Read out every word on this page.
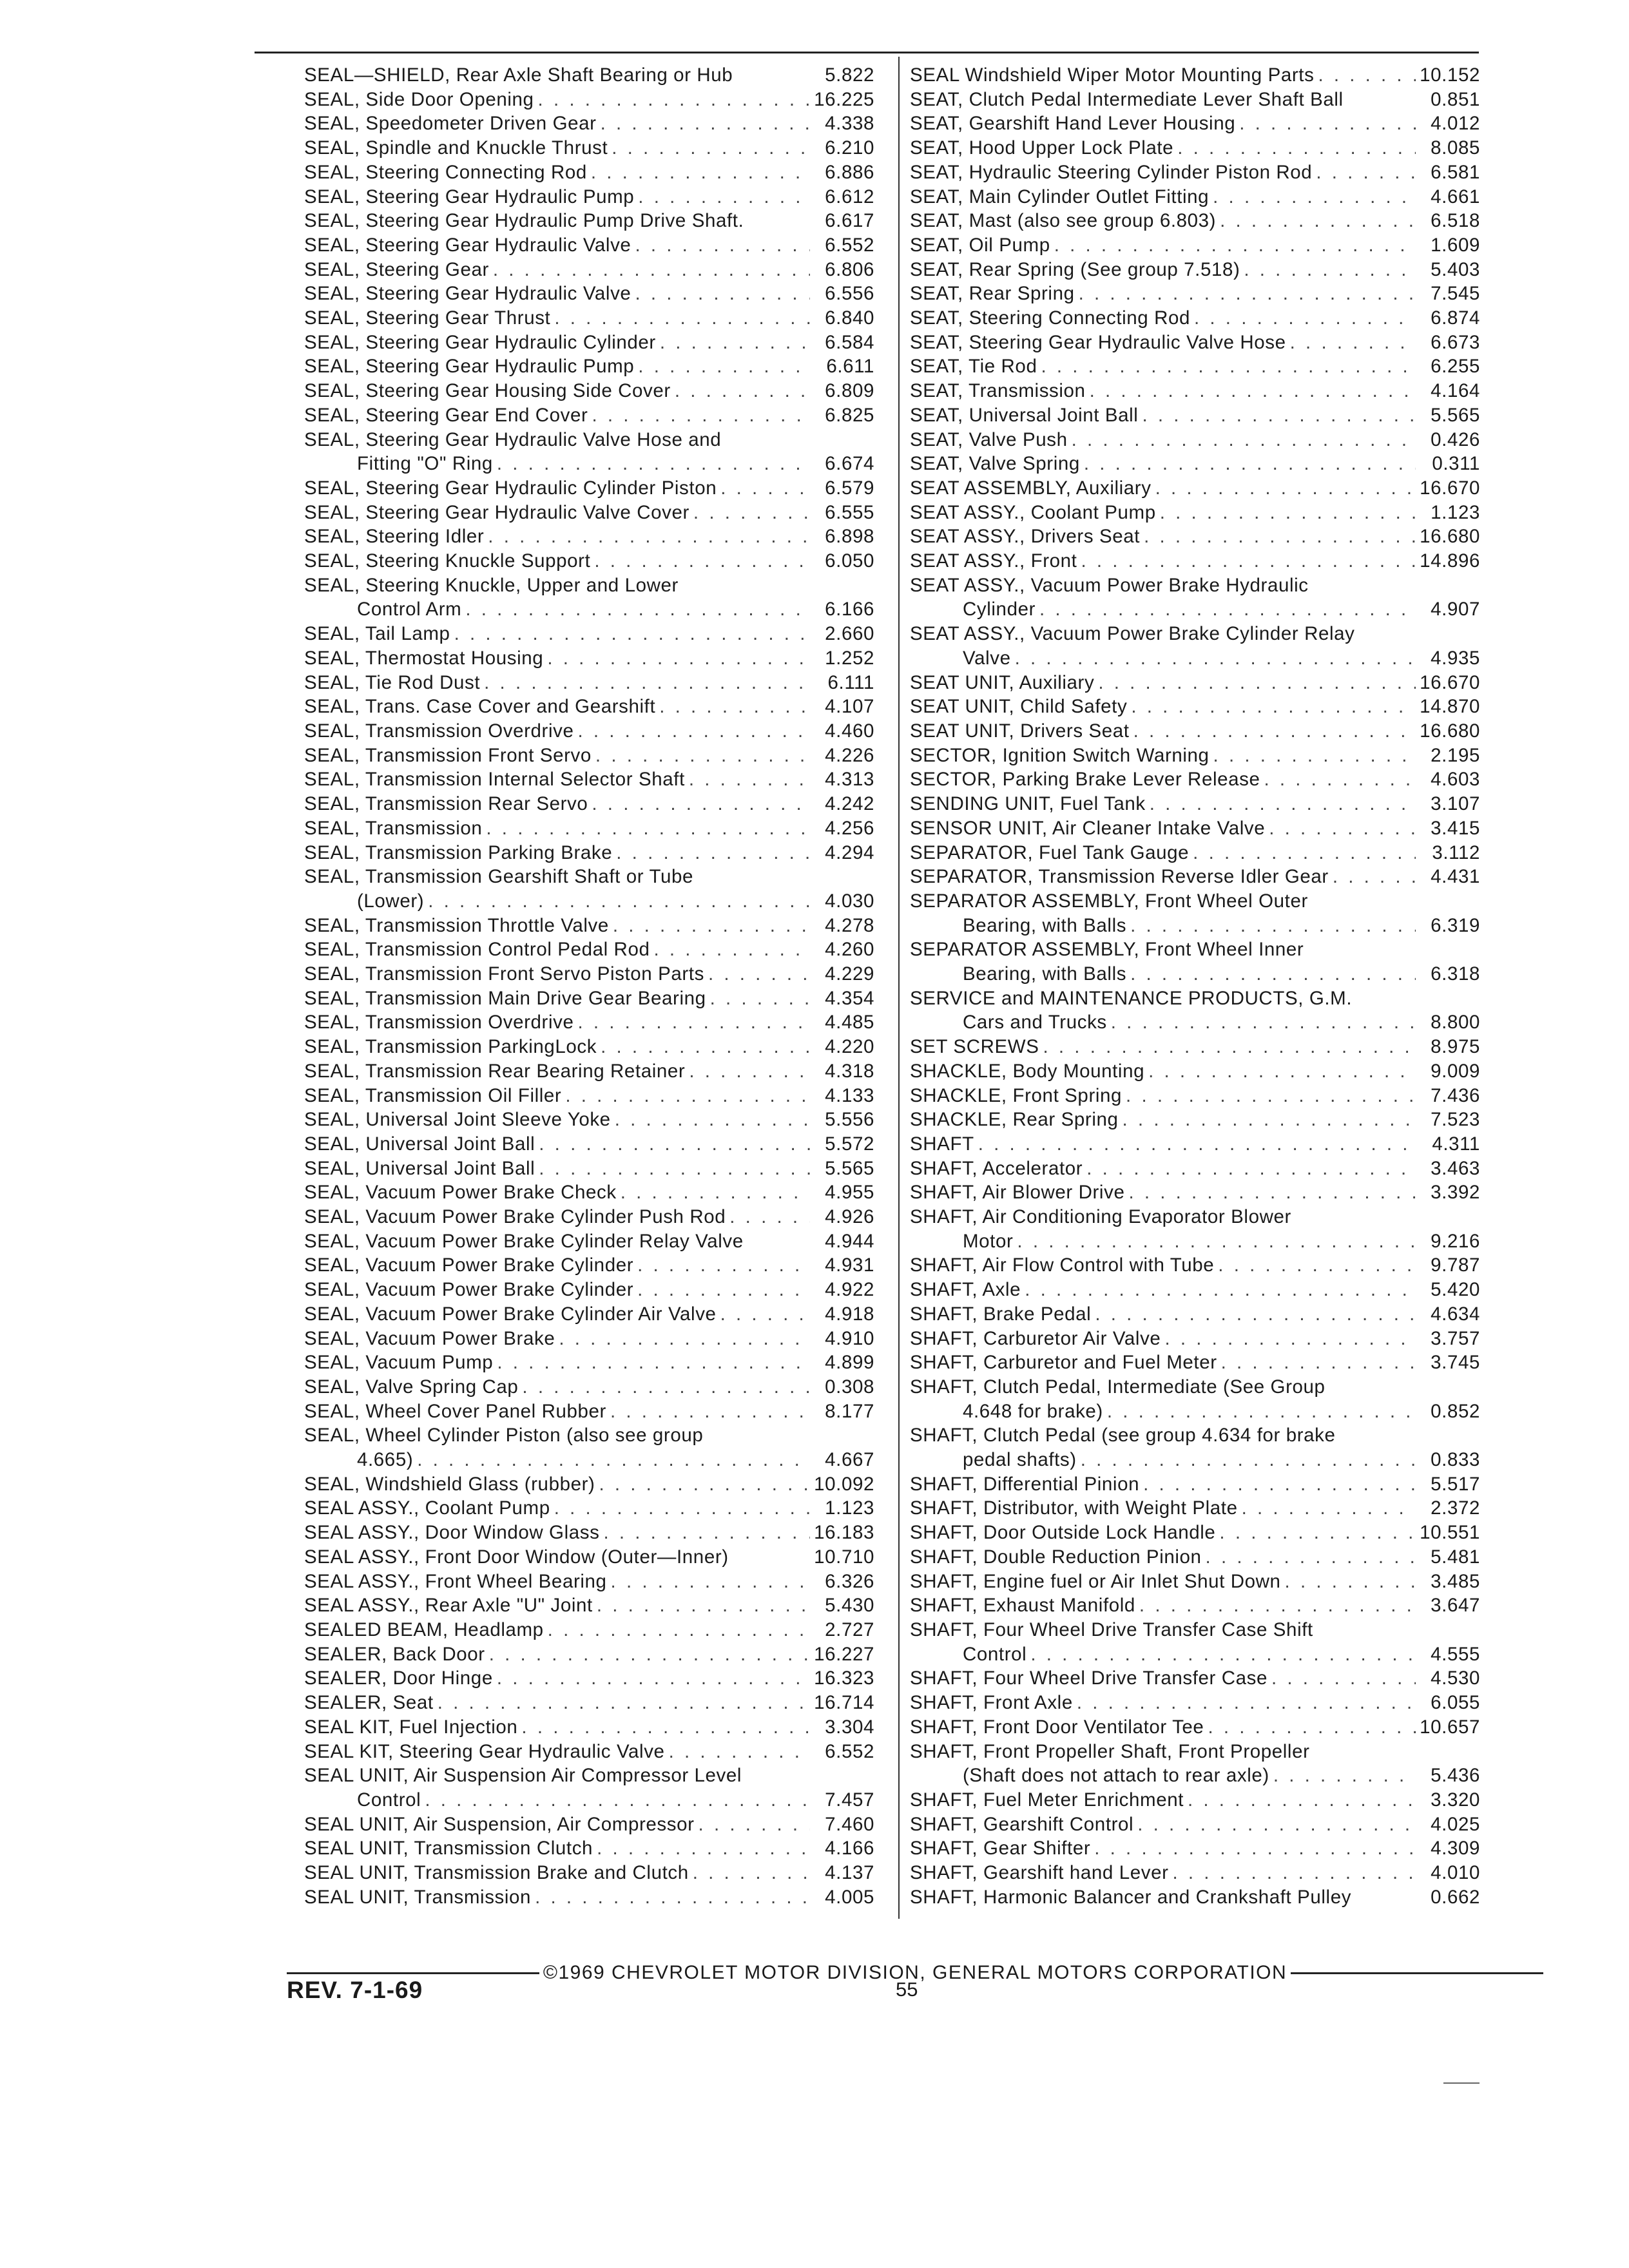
SEAL—SHIELD, Rear Axle Shaft Bearing or Hub	5.822
SEAL, Side Door Opening . . .	16.225
SEAL, Speedometer Driven Gear . . .	4.338
SEAL, Spindle and Knuckle Thrust . . .	6.210
SEAL, Steering Connecting Rod . . .	6.886
SEAL, Steering Gear Hydraulic Pump . . .	6.612
SEAL, Steering Gear Hydraulic Pump Drive Shaft.	6.617
SEAL, Steering Gear Hydraulic Valve . . .	6.552
SEAL, Steering Gear . . .	6.806
SEAL, Steering Gear Hydraulic Valve . . .	6.556
SEAL, Steering Gear Thrust . . .	6.840
SEAL, Steering Gear Hydraulic Cylinder . . .	6.584
SEAL, Steering Gear Hydraulic Pump . . .	6.611
SEAL, Steering Gear Housing Side Cover . . .	6.809
SEAL, Steering Gear End Cover . . .	6.825
SEAL, Steering Gear Hydraulic Valve Hose and
Fitting "O" Ring . . .	6.674
SEAL, Steering Gear Hydraulic Cylinder Piston . . .	6.579
SEAL, Steering Gear Hydraulic Valve Cover . . .	6.555
SEAL, Steering Idler . . .	6.898
SEAL, Steering Knuckle Support . . .	6.050
SEAL, Steering Knuckle, Upper and Lower
Control Arm . . .	6.166
SEAL, Tail Lamp . . .	2.660
SEAL, Thermostat Housing . . .	1.252
SEAL, Tie Rod Dust . . .	6.111
SEAL, Trans. Case Cover and Gearshift . . .	4.107
SEAL, Transmission Overdrive . . .	4.460
SEAL, Transmission Front Servo . . .	4.226
SEAL, Transmission Internal Selector Shaft . . .	4.313
SEAL, Transmission Rear Servo . . .	4.242
SEAL, Transmission . . .	4.256
SEAL, Transmission Parking Brake . . .	4.294
SEAL, Transmission Gearshift Shaft or Tube
(Lower) . . .	4.030
SEAL, Transmission Throttle Valve . . .	4.278
SEAL, Transmission Control Pedal Rod . . .	4.260
SEAL, Transmission Front Servo Piston Parts . . .	4.229
SEAL, Transmission Main Drive Gear Bearing . . .	4.354
SEAL, Transmission Overdrive . . .	4.485
SEAL, Transmission ParkingLock . . .	4.220
SEAL, Transmission Rear Bearing Retainer . . .	4.318
SEAL, Transmission Oil Filler . . .	4.133
SEAL, Universal Joint Sleeve Yoke . . .	5.556
SEAL, Universal Joint Ball . . .	5.572
SEAL, Universal Joint Ball . . .	5.565
SEAL, Vacuum Power Brake Check . . .	4.955
SEAL, Vacuum Power Brake Cylinder Push Rod . . .	4.926
SEAL, Vacuum Power Brake Cylinder Relay Valve	4.944
SEAL, Vacuum Power Brake Cylinder . . .	4.931
SEAL, Vacuum Power Brake Cylinder . . .	4.922
SEAL, Vacuum Power Brake Cylinder Air Valve . . .	4.918
SEAL, Vacuum Power Brake . . .	4.910
SEAL, Vacuum Pump . . .	4.899
SEAL, Valve Spring Cap . . .	0.308
SEAL, Wheel Cover Panel Rubber . . .	8.177
SEAL, Wheel Cylinder Piston (also see group
4.665) . . .	4.667
SEAL, Windshield Glass (rubber) . . .	10.092
SEAL ASSY., Coolant Pump . . .	1.123
SEAL ASSY., Door Window Glass . . .	16.183
SEAL ASSY., Front Door Window (Outer—Inner)	10.710
SEAL ASSY., Front Wheel Bearing . . .	6.326
SEAL ASSY., Rear Axle "U" Joint . . .	5.430
SEALED BEAM, Headlamp . . .	2.727
SEALER, Back Door . . .	16.227
SEALER, Door Hinge . . .	16.323
SEALER, Seat . . .	16.714
SEAL KIT, Fuel Injection . . .	3.304
SEAL KIT, Steering Gear Hydraulic Valve . . .	6.552
SEAL UNIT, Air Suspension Air Compressor Level
Control . . .	7.457
SEAL UNIT, Air Suspension, Air Compressor . . .	7.460
SEAL UNIT, Transmission Clutch . . .	4.166
SEAL UNIT, Transmission Brake and Clutch . . .	4.137
SEAL UNIT, Transmission . . .	4.005
SEAL Windshield Wiper Motor Mounting Parts . . .	10.152
SEAT, Clutch Pedal Intermediate Lever Shaft Ball	0.851
SEAT, Gearshift Hand Lever Housing . . .	4.012
SEAT, Hood Upper Lock Plate . . .	8.085
SEAT, Hydraulic Steering Cylinder Piston Rod . . .	6.581
SEAT, Main Cylinder Outlet Fitting . . .	4.661
SEAT, Mast (also see group 6.803) . . .	6.518
SEAT, Oil Pump . . .	1.609
SEAT, Rear Spring (See group 7.518) . . .	5.403
SEAT, Rear Spring . . .	7.545
SEAT, Steering Connecting Rod . . .	6.874
SEAT, Steering Gear Hydraulic Valve Hose . . .	6.673
SEAT, Tie Rod . . .	6.255
SEAT, Transmission . . .	4.164
SEAT, Universal Joint Ball . . .	5.565
SEAT, Valve Push . . .	0.426
SEAT, Valve Spring . . .	0.311
SEAT ASSEMBLY, Auxiliary . . .	16.670
SEAT ASSY., Coolant Pump . . .	1.123
SEAT ASSY., Drivers Seat . . .	16.680
SEAT ASSY., Front . . .	14.896
SEAT ASSY., Vacuum Power Brake Hydraulic
Cylinder . . .	4.907
SEAT ASSY., Vacuum Power Brake Cylinder Relay
Valve . . .	4.935
SEAT UNIT, Auxiliary . . .	16.670
SEAT UNIT, Child Safety . . .	14.870
SEAT UNIT, Drivers Seat . . .	16.680
SECTOR, Ignition Switch Warning . . .	2.195
SECTOR, Parking Brake Lever Release . . .	4.603
SENDING UNIT, Fuel Tank . . .	3.107
SENSOR UNIT, Air Cleaner Intake Valve . . .	3.415
SEPARATOR, Fuel Tank Gauge . . .	3.112
SEPARATOR, Transmission Reverse Idler Gear . . .	4.431
SEPARATOR ASSEMBLY, Front Wheel Outer
Bearing, with Balls . . .	6.319
SEPARATOR ASSEMBLY, Front Wheel Inner
Bearing, with Balls . . .	6.318
SERVICE and MAINTENANCE PRODUCTS, G.M.
Cars and Trucks . . .	8.800
SET SCREWS . . .	8.975
SHACKLE, Body Mounting . . .	9.009
SHACKLE, Front Spring . . .	7.436
SHACKLE, Rear Spring . . .	7.523
SHAFT . . .	4.311
SHAFT, Accelerator . . .	3.463
SHAFT, Air Blower Drive . . .	3.392
SHAFT, Air Conditioning Evaporator Blower
Motor . . .	9.216
SHAFT, Air Flow Control with Tube . . .	9.787
SHAFT, Axle . . .	5.420
SHAFT, Brake Pedal . . .	4.634
SHAFT, Carburetor Air Valve . . .	3.757
SHAFT, Carburetor and Fuel Meter . . .	3.745
SHAFT, Clutch Pedal, Intermediate (See Group
4.648 for brake) . . .	0.852
SHAFT, Clutch Pedal (see group 4.634 for brake
pedal shafts) . . .	0.833
SHAFT, Differential Pinion . . .	5.517
SHAFT, Distributor, with Weight Plate . . .	2.372
SHAFT, Door Outside Lock Handle . . .	10.551
SHAFT, Double Reduction Pinion . . .	5.481
SHAFT, Engine fuel or Air Inlet Shut Down . . .	3.485
SHAFT, Exhaust Manifold . . .	3.647
SHAFT, Four Wheel Drive Transfer Case Shift
Control . . .	4.555
SHAFT, Four Wheel Drive Transfer Case . . .	4.530
SHAFT, Front Axle . . .	6.055
SHAFT, Front Door Ventilator Tee . . .	10.657
SHAFT, Front Propeller Shaft, Front Propeller
(Shaft does not attach to rear axle) . . .	5.436
SHAFT, Fuel Meter Enrichment . . .	3.320
SHAFT, Gearshift Control . . .	4.025
SHAFT, Gear Shifter . . .	4.309
SHAFT, Gearshift hand Lever . . .	4.010
SHAFT, Harmonic Balancer and Crankshaft Pulley	0.662
©1969 CHEVROLET MOTOR DIVISION, GENERAL MOTORS CORPORATION
REV. 7-1-69	55
